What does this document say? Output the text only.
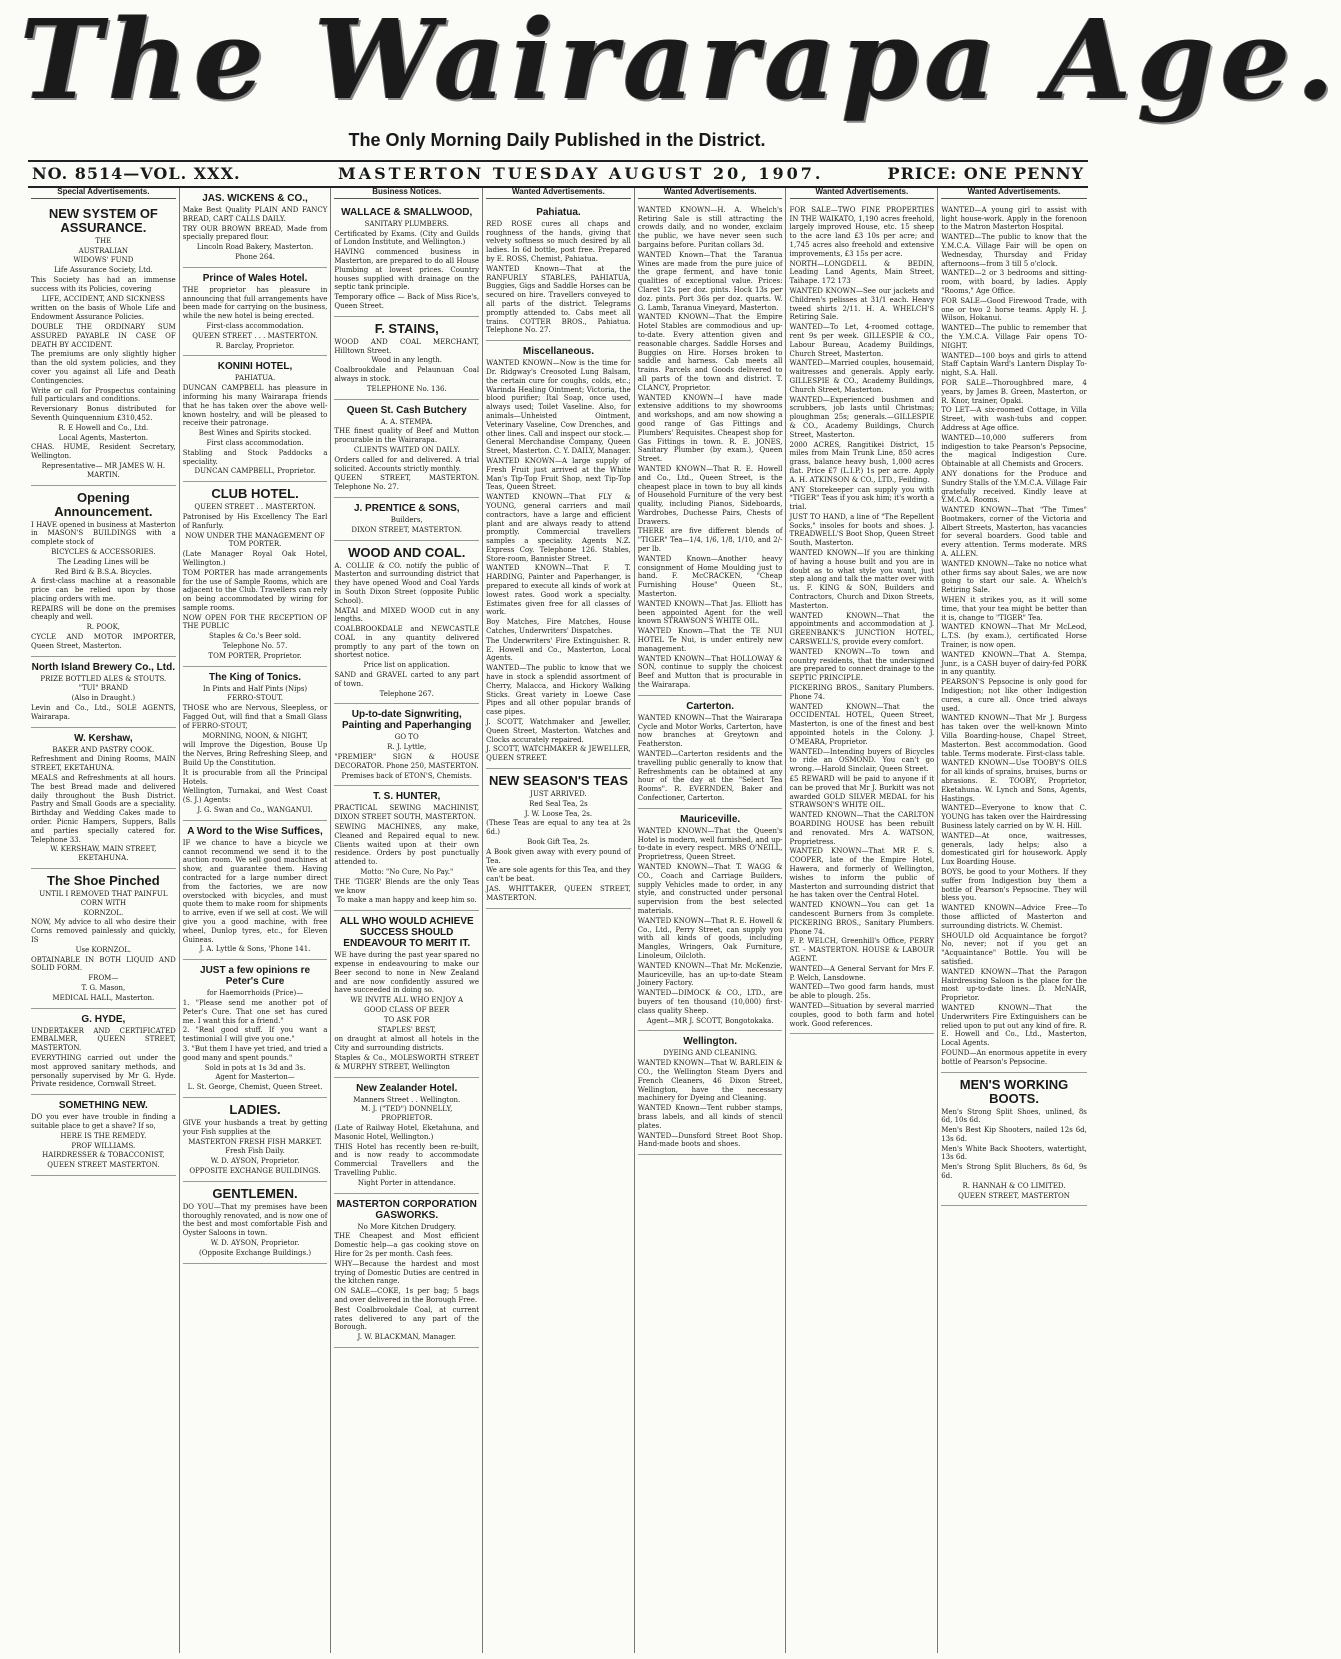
The Wairarapa Age.
The Only Morning Daily Published in the District.
NO. 8514—VOL. XXX.	MASTERTON TUESDAY AUGUST 20, 1907.	PRICE: ONE PENNY
Special Advertisements.
NEW SYSTEM OF ASSURANCE.

THE

AUSTRALIAN

WIDOWS' FUND

Life Assurance Society, Ltd.

This Society has had an immense success with its Policies, covering

LIFE, ACCIDENT, AND SICKNESS

written on the basis of Whole Life and Endowment Assurance Policies.

DOUBLE THE ORDINARY SUM ASSURED PAYABLE IN CASE OF DEATH BY ACCIDENT.

The premiums are only slightly higher than the old system policies, and they cover you against all Life and Death Contingencies.

Write or call for Prospectus containing full particulars and conditions.

Reversionary Bonus distributed for Seventh Quinquennium £310,452.

R. E Howell and Co., Ltd.

Local Agents, Masterton.

CHAS. HUME, Resident Secretary, Wellington.

Representative— MR JAMES W. H. MARTIN.

Opening Announcement.

I HAVE opened in business at Masterton in MASON'S BUILDINGS with a complete stock of

BICYCLES & ACCESSORIES.

The Leading Lines will be

Red Bird & B.S.A. Bicycles.

A first-class machine at a reasonable price can be relied upon by those placing orders with me.

REPAIRS will be done on the premises cheaply and well.

R. POOK,

CYCLE AND MOTOR IMPORTER, Queen Street, Masterton.

North Island Brewery Co., Ltd.

PRIZE BOTTLED ALES & STOUTS.

"TUI" BRAND

(Also in Draught.)

Levin and Co., Ltd., SOLE AGENTS, Wairarapa.

W. Kershaw,

BAKER AND PASTRY COOK.

Refreshment and Dining Rooms, MAIN STREET, EKETAHUNA.

MEALS and Refreshments at all hours. The best Bread made and delivered daily throughout the Bush District. Pastry and Small Goods are a speciality. Birthday and Wedding Cakes made to order. Picnic Hampers, Suppers, Balls and parties specially catered for. Telephone 33.

W. KERSHAW, MAIN STREET, EKETAHUNA.

The Shoe Pinched

UNTIL I REMOVED THAT PAINFUL CORN WITH

KORNZOL.

NOW, My advice to all who desire their Corns removed painlessly and quickly, IS

Use KORNZOL.

OBTAINABLE IN BOTH LIQUID AND SOLID FORM.

FROM—

T. G. Mason,

MEDICAL HALL, Masterton.

G. HYDE,

UNDERTAKER AND CERTIFICATED EMBALMER, QUEEN STREET, MASTERTON.

EVERYTHING carried out under the most approved sanitary methods, and personally supervised by Mr G. Hyde. Private residence, Cornwall Street.

SOMETHING NEW.

DO you ever have trouble in finding a suitable place to get a shave? If so,

HERE IS THE REMEDY.

PROF WILLIAMS.

HAIRDRESSER & TOBACCONIST,

QUEEN STREET MASTERTON.

JAS. WICKENS & CO.,

Make Best Quality PLAIN AND FANCY BREAD, CART CALLS DAILY.

TRY OUR BROWN BREAD, Made from specially prepared flour.

Lincoln Road Bakery, Masterton.

Phone 264.

Prince of Wales Hotel.

THE proprietor has pleasure in announcing that full arrangements have been made for carrying on the business, while the new hotel is being erected.

First-class accommodation.

QUEEN STREET . . . MASTERTON.

R. Barclay, Proprietor.

KONINI HOTEL,

PAHIATUA.

DUNCAN CAMPBELL has pleasure in informing his many Wairarapa friends that he has taken over the above well-known hostelry, and will be pleased to receive their patronage.

Best Wines and Spirits stocked.

First class accommodation.

Stabling and Stock Paddocks a speciality.

DUNCAN CAMPBELL, Proprietor.

CLUB HOTEL.

QUEEN STREET . . MASTERTON.

Patronised by His Excellency The Earl of Ranfurly.

NOW UNDER THE MANAGEMENT OF TOM PORTER.

(Late Manager Royal Oak Hotel, Wellington.)

TOM PORTER has made arrangements for the use of Sample Rooms, which are adjacent to the Club. Travellers can rely on being accommodated by wiring for sample rooms.

NOW OPEN FOR THE RECEPTION OF THE PUBLIC

Staples & Co.'s Beer sold.

Telephone No. 57.

TOM PORTER, Proprietor.

The King of Tonics.

In Pints and Half Pints (Nips)

FERRO-STOUT.

THOSE who are Nervous, Sleepless, or Fagged Out, will find that a Small Glass of FERRO-STOUT,

MORNING, NOON, & NIGHT,

will Improve the Digestion, Bouse Up the Nerves, Bring Refreshing Sleep, and Build Up the Constitution.

It is procurable from all the Principal Hotels.

Wellington, Turnakai, and West Coast (S. J.) Agents:

J. G. Swan and Co., WANGANUI.

A Word to the Wise Suffices,

IF we chance to have a bicycle we cannot recommend we send it to the auction room. We sell good machines at show, and guarantee them. Having contracted for a large number direct from the factories, we are now overstocked with bicycles, and must quote them to make room for shipments to arrive, even if we sell at cost. We will give you a good machine, with free wheel, Dunlop tyres, etc., for Eleven Guineas.

J. A. Lyttle & Sons, 'Phone 141.

JUST a few opinions re Peter's Cure

for Haemorrhoids (Price)—

1. "Please send me another pot of Peter's Cure. That one set has cured me. I want this for a friend."

2. "Real good stuff. If you want a testimonial I will give you one."

3. "But them I have yet tried, and tried a good many and spent pounds."

Sold in pots at 1s 3d and 3s.

Agent for Masterton—

L. St. George, Chemist, Queen Street.

LADIES.

GIVE your husbands a treat by getting your Fish supplies at the

MASTERTON FRESH FISH MARKET.

Fresh Fish Daily.

W. D. AYSON, Proprietor.

OPPOSITE EXCHANGE BUILDINGS.

GENTLEMEN.

DO YOU—That my premises have been thoroughly renovated, and is now one of the best and most comfortable Fish and Oyster Saloons in town.

W. D. AYSON, Proprietor.

(Opposite Exchange Buildings.)

Business Notices.
WALLACE & SMALLWOOD,

SANITARY PLUMBERS.

Certificated by Exams. (City and Guilds of London Institute, and Wellington.)

HAVING commenced business in Masterton, are prepared to do all House Plumbing at lowest prices. Country houses supplied with drainage on the septic tank principle.

Temporary office — Back of Miss Rice's, Queen Street.

F. STAINS,

WOOD AND COAL MERCHANT, Hilltown Street.

Wood in any length.

Coalbrookdale and Pelaunuan Coal always in stock.

TELEPHONE No. 136.

Queen St. Cash Butchery

A. A. STEMPA.

THE finest quality of Beef and Mutton procurable in the Wairarapa.

CLIENTS WAITED ON DAILY.

Orders called for and delivered. A trial solicited. Accounts strictly monthly.

QUEEN STREET, MASTERTON. Telephone No. 27.

J. PRENTICE & SONS,

Builders,

DIXON STREET, MASTERTON.

WOOD AND COAL.

A. COLLIE & CO. notify the public of Masterton and surrounding district that they have opened Wood and Coal Yards in South Dixon Street (opposite Public School).

MATAI and MIXED WOOD cut in any lengths.

COALBROOKDALE and NEWCASTLE COAL in any quantity delivered promptly to any part of the town on shortest notice.

Price list on application.

SAND and GRAVEL carted to any part of town.

Telephone 267.

Up-to-date Signwriting, Painting and Paperhanging

GO TO

R. J. Lyttle,

"PREMIER" SIGN & HOUSE DECORATOR. Phone 250, MASTERTON.

Premises back of ETON'S, Chemists.

T. S. HUNTER,

PRACTICAL SEWING MACHINIST, DIXON STREET SOUTH, MASTERTON.

SEWING MACHINES, any make, Cleaned and Repaired equal to new. Clients waited upon at their own residence. Orders by post punctually attended to.

Motto: "No Cure, No Pay."

THE 'TIGER' Blends are the only Teas we know

To make a man happy and keep him so.

ALL WHO WOULD ACHIEVE SUCCESS SHOULD ENDEAVOUR TO MERIT IT.

WE have during the past year spared no expense in endeavouring to make our Beer second to none in New Zealand and are now confidently assured we have succeeded in doing so.

WE INVITE ALL WHO ENJOY A

GOOD CLASS OF BEER

TO ASK FOR

STAPLES' BEST,

on draught at almost all hotels in the City and surrounding districts.

Staples & Co., MOLESWORTH STREET & MURPHY STREET, Wellington

New Zealander Hotel.

Manners Street . . Wellington.

M. J. ("TED") DONNELLY, PROPRIETOR.

(Late of Railway Hotel, Eketahuna, and Masonic Hotel, Wellington.)

THIS Hotel has recently been re-built, and is now ready to accommodate Commercial Travellers and the Travelling Public.

Night Porter in attendance.

MASTERTON CORPORATION GASWORKS.

No More Kitchen Drudgery.

THE Cheapest and Most efficient Domestic help—a gas cooking stove on Hire for 2s per month. Cash fees.

WHY—Because the hardest and most trying of Domestic Duties are centred in the kitchen range.

ON SALE—COKE, 1s per bag; 5 bags and over delivered in the Borough Free.

Best Coalbrookdale Coal, at current rates delivered to any part of the Borough.

J. W. BLACKMAN, Manager.

Wanted Advertisements.
Pahiatua.

RED ROSE cures all chaps and roughness of the hands, giving that velvety softness so much desired by all ladies. In 6d bottle, post free. Prepared by E. ROSS, Chemist, Pahiatua.

WANTED Known—That at the RANFURLY STABLES, PAHIATUA, Buggies, Gigs and Saddle Horses can be secured on hire. Travellers conveyed to all parts of the district. Telegrams promptly attended to. Cabs meet all trains. COTTER BROS., Pahiatua. Telephone No. 27.

Miscellaneous.

WANTED KNOWN—Now is the time for Dr. Ridgway's Creosoted Lung Balsam, the certain cure for coughs, colds, etc.; Warinda Healing Ointment; Victoria, the blood purifier; Ital Soap, once used, always used; Toilet Vaseline. Also, for animals—Unheisted Ointment, Veterinary Vaseline, Cow Drenches, and other lines. Call and inspect our stock.—General Merchandise Company, Queen Street, Masterton. C. Y. DAILY, Manager.

WANTED KNOWN—A large supply of Fresh Fruit just arrived at the White Man's Tip-Top Fruit Shop, next Tip-Top Teas, Queen Street.

WANTED KNOWN—That FLY & YOUNG, general carriers and mail contractors, have a large and efficient plant and are always ready to attend promptly. Commercial travellers samples a speciality. Agents N.Z. Express Coy. Telephone 126. Stables, Store-room, Bannister Street.

WANTED KNOWN—That F. T. HARDING, Painter and Paperhanger, is prepared to execute all kinds of work at lowest rates. Good work a specialty. Estimates given free for all classes of work.

Boy Matches, Fire Matches, House Catches, Underwriters' Dispatches.

The Underwriters' Fire Extinguisher. R. E. Howell and Co., Masterton, Local Agents.

WANTED—The public to know that we have in stock a splendid assortment of Cherry, Malacca, and Hickory Walking Sticks. Great variety in Loewe Case Pipes and all other popular brands of case pipes.

J. SCOTT, Watchmaker and Jeweller, Queen Street, Masterton. Watches and Clocks accurately repaired.

J. SCOTT, WATCHMAKER & JEWELLER, QUEEN STREET.

NEW SEASON'S TEAS

JUST ARRIVED.

Red Seal Tea, 2s

J. W. Loose Tea, 2s.

(These Teas are equal to any tea at 2s 6d.)

Book Gift Tea, 2s.

A Book given away with every pound of Tea.

We are sole agents for this Tea, and they can't be beat.

JAS. WHITTAKER, QUEEN STREET, MASTERTON.

Wanted Advertisements.

WANTED KNOWN—H. A. Whelch's Retiring Sale is still attracting the crowds daily, and no wonder, exclaim the public, we have never seen such bargains before. Puritan collars 3d.

WANTED Known—That the Taranua Wines are made from the pure juice of the grape ferment, and have tonic qualities of exceptional value. Prices: Claret 12s per doz. pints. Hock 13s per doz. pints. Port 36s per doz. quarts. W. G. Lamb, Taranua Vineyard, Masterton.

WANTED KNOWN—That the Empire Hotel Stables are commodious and up-to-date. Every attention given and reasonable charges. Saddle Horses and Buggies on Hire. Horses broken to saddle and harness. Cab meets all trains. Parcels and Goods delivered to all parts of the town and district. T. CLANCY, Proprietor.

WANTED KNOWN—I have made extensive additions to my showrooms and workshops, and am now showing a good range of Gas Fittings and Plumbers' Requisites. Cheapest shop for Gas Fittings in town. R. E. JONES, Sanitary Plumber (by exam.), Queen Street.

WANTED KNOWN—That R. E. Howell and Co., Ltd., Queen Street, is the cheapest place in town to buy all kinds of Household Furniture of the very best quality, including Pianos, Sideboards, Wardrobes, Duchesse Pairs, Chests of Drawers.

THERE are five different blends of "TIGER" Tea—1/4, 1/6, 1/8, 1/10, and 2/- per lb.

WANTED Known—Another heavy consignment of Home Moulding just to hand. F. McCRACKEN, "Cheap Furnishing House" Queen St., Masterton.

WANTED KNOWN—That Jas. Elliott has been appointed Agent for the well known STRAWSON'S WHITE OIL.

WANTED Known—That the TE NUI HOTEL Te Nui, is under entirely new management.

WANTED KNOWN—That HOLLOWAY & SON, continue to supply the choicest Beef and Mutton that is procurable in the Wairarapa.

Carterton.

WANTED KNOWN—That the Wairarapa Cycle and Motor Works, Carterton, have now branches at Greytown and Featherston.

WANTED—Carterton residents and the travelling public generally to know that Refreshments can be obtained at any hour of the day at the "Select Tea Rooms". R. EVERNDEN, Baker and Confectioner, Carterton.

Mauriceville.

WANTED KNOWN—That the Queen's Hotel is modern, well furnished, and up-to-date in every respect. MRS O'NEILL, Proprietress, Queen Street.

WANTED KNOWN—That T. WAGG & CO., Coach and Carriage Builders, supply Vehicles made to order, in any style, and constructed under personal supervision from the best selected materials.

WANTED KNOWN—That R. E. Howell & Co., Ltd., Perry Street, can supply you with all kinds of goods, including Mangles, Wringers, Oak Furniture, Linoleum, Oilcloth.

WANTED KNOWN—That Mr. McKenzie, Mauriceville, has an up-to-date Steam Joinery Factory.

WANTED—DIMOCK & CO., LTD., are buyers of ten thousand (10,000) first-class quality Sheep.

Agent—MR J. SCOTT, Bongotokaka.

Wellington.

DYEING AND CLEANING.

WANTED KNOWN—That W. BARLEIN & CO., the Wellington Steam Dyers and French Cleaners, 46 Dixon Street, Wellington, have the necessary machinery for Dyeing and Cleaning.

WANTED Known—Tent rubber stamps, brass labels, and all kinds of stencil plates.

WANTED—Dunsford Street Boot Shop. Hand-made boots and shoes.

Wanted Advertisements.

FOR SALE—TWO FINE PROPERTIES IN THE WAIKATO, 1,190 acres freehold, largely improved House, etc. 15 sheep to the acre land £3 10s per acre; and 1,745 acres also freehold and extensive improvements, £3 15s per acre.

NORTH—LONGDELL & BEDIN, Leading Land Agents, Main Street, Taihape. 172 173

WANTED KNOWN—See our jackets and Children's pelisses at 31/1 each. Heavy tweed shirts 2/11. H. A. WHELCH'S Retiring Sale.

WANTED—To Let, 4-roomed cottage, rent 9s per week. GILLESPIE & CO., Labour Bureau, Academy Buildings, Church Street, Masterton.

WANTED—Married couples, housemaid, waitresses and generals. Apply early. GILLESPIE & CO., Academy Buildings, Church Street, Masterton.

WANTED—Experienced bushmen and scrubbers, job lasts until Christmas; ploughman 25s; generals.—GILLESPIE & CO., Academy Buildings, Church Street, Masterton.

2000 ACRES, Rangitikei District, 15 miles from Main Trunk Line, 850 acres grass, balance heavy bush, 1,000 acres flat. Price £7 (L.I.P.) 1s per acre. Apply A. H. ATKINSON & CO., LTD., Feilding.

ANY Storekeeper can supply you with "TIGER" Teas if you ask him; it's worth a trial.

JUST TO HAND, a line of "The Repellent Socks," insoles for boots and shoes. J. TREADWELL'S Boot Shop, Queen Street South, Masterton.

WANTED KNOWN—If you are thinking of having a house built and you are in doubt as to what style you want, just step along and talk the matter over with us. F. KING & SON, Builders and Contractors, Church and Dixon Streets, Masterton.

WANTED KNOWN—That the appointments and accommodation at J. GREENBANK'S JUNCTION HOTEL, CARSWELL'S, provide every comfort.

WANTED KNOWN—To town and country residents, that the undersigned are prepared to connect drainage to the SEPTIC PRINCIPLE.

PICKERING BROS., Sanitary Plumbers. Phone 74.

WANTED KNOWN—That the OCCIDENTAL HOTEL, Queen Street, Masterton, is one of the finest and best appointed hotels in the Colony. J. O'MEARA, Proprietor.

WANTED—Intending buyers of Bicycles to ride an OSMOND. You can't go wrong.—Harold Sinclair, Queen Street.

£5 REWARD will be paid to anyone if it can be proved that Mr J. Burkitt was not awarded GOLD SILVER MEDAL for his STRAWSON'S WHITE OIL.

WANTED KNOWN—That the CARLTON BOARDING HOUSE has been rebuilt and renovated. Mrs A. WATSON, Proprietress.

WANTED KNOWN—That MR F. S. COOPER, late of the Empire Hotel, Hawera, and formerly of Wellington, wishes to inform the public of Masterton and surrounding district that he has taken over the Central Hotel.

WANTED KNOWN—You can get 1a candescent Burners from 3s complete. PICKERING BROS., Sanitary Plumbers. Phone 74.

F. P. WELCH, Greenhill's Office, PERRY ST. - MASTERTON. HOUSE & LABOUR AGENT.

WANTED—A General Servant for Mrs F. P. Welch, Lansdowne.

WANTED—Two good farm hands, must be able to plough. 25s.

WANTED—Situation by several married couples, good to both farm and hotel work. Good references.

Wanted Advertisements.

WANTED—A young girl to assist with light house-work. Apply in the forenoon to the Matron Masterton Hospital.

WANTED—The public to know that the Y.M.C.A. Village Fair will be open on Wednesday, Thursday and Friday afternoons—from 3 till 5 o'clock.

WANTED—2 or 3 bedrooms and sitting-room, with board, by ladies. Apply "Rooms," Age Office.

FOR SALE—Good Firewood Trade, with one or two 2 horse teams. Apply H. J. Wilson, Hokanui.

WANTED—The public to remember that the Y.M.C.A. Village Fair opens TO-NIGHT.

WANTED—100 boys and girls to attend Staff Captain Ward's Lantern Display To-night, S.A. Hall.

FOR SALE—Thoroughbred mare, 4 years, by James B. Green, Masterton, or R. Knor, trainer, Opaki.

TO LET—A six-roomed Cottage, in Villa Street, with wash-tubs and copper. Address at Age office.

WANTED—10,000 sufferers from indigestion to take Pearson's Pepsocine, the magical Indigestion Cure. Obtainable at all Chemists and Grocers.

ANY donations for the Produce and Sundry Stalls of the Y.M.C.A. Village Fair gratefully received. Kindly leave at Y.M.C.A. Rooms.

WANTED KNOWN—That "The Times" Bootmakers, corner of the Victoria and Albert Streets, Masterton, has vacancies for several boarders. Good table and every attention. Terms moderate. MRS A. ALLEN.

WANTED KNOWN—Take no notice what other firms say about Sales, we are now going to start our sale. A. Whelch's Retiring Sale.

WHEN it strikes you, as it will some time, that your tea might be better than it is, change to "TIGER" Tea.

WANTED KNOWN—That Mr McLeod, L.T.S. (by exam.), certificated Horse Trainer, is now open.

WANTED KNOWN—That A. Stempa, Junr., is a CASH buyer of dairy-fed PORK in any quantity.

PEARSON'S Pepsocine is only good for Indigestion; not like other Indigestion cures, a cure all. Once tried always used.

WANTED KNOWN—That Mr J. Burgess has taken over the well-known Minto Villa Boarding-house, Chapel Street, Masterton. Best accommodation. Good table. Terms moderate. First-class table.

WANTED KNOWN—Use TOOBY'S OILS for all kinds of sprains, bruises, burns or abrasions. E. TOOBY, Proprietor, Eketahuna. W. Lynch and Sons, Agents, Hastings.

WANTED—Everyone to know that C. YOUNG has taken over the Hairdressing Business lately carried on by W. H. Hill.

WANTED—At once, waitresses, generals, lady helps; also a domesticated girl for housework. Apply Lux Boarding House.

BOYS, be good to your Mothers. If they suffer from Indigestion buy them a bottle of Pearson's Pepsocine. They will bless you.

WANTED KNOWN—Advice Free—To those afflicted of Masterton and surrounding districts. W. Chemist.

SHOULD old Acquaintance be forgot? No, never; not if you get an "Acquaintance" Bottle. You will be satisfied.

WANTED KNOWN—That the Paragon Hairdressing Saloon is the place for the most up-to-date lines. D. McNAIR, Proprietor.

WANTED KNOWN—That the Underwriters Fire Extinguishers can be relied upon to put out any kind of fire. R. E. Howell and Co., Ltd., Masterton, Local Agents.

FOUND—An enormous appetite in every bottle of Pearson's Pepsocine.

MEN'S WORKING BOOTS.

Men's Strong Split Shoes, unlined, 8s 6d, 10s 6d.

Men's Best Kip Shooters, nailed 12s 6d, 13s 6d.

Men's White Back Shooters, watertight, 13s 6d.

Men's Strong Split Bluchers, 8s 6d, 9s 6d.

R. HANNAH & CO LIMITED.

QUEEN STREET, MASTERTON
